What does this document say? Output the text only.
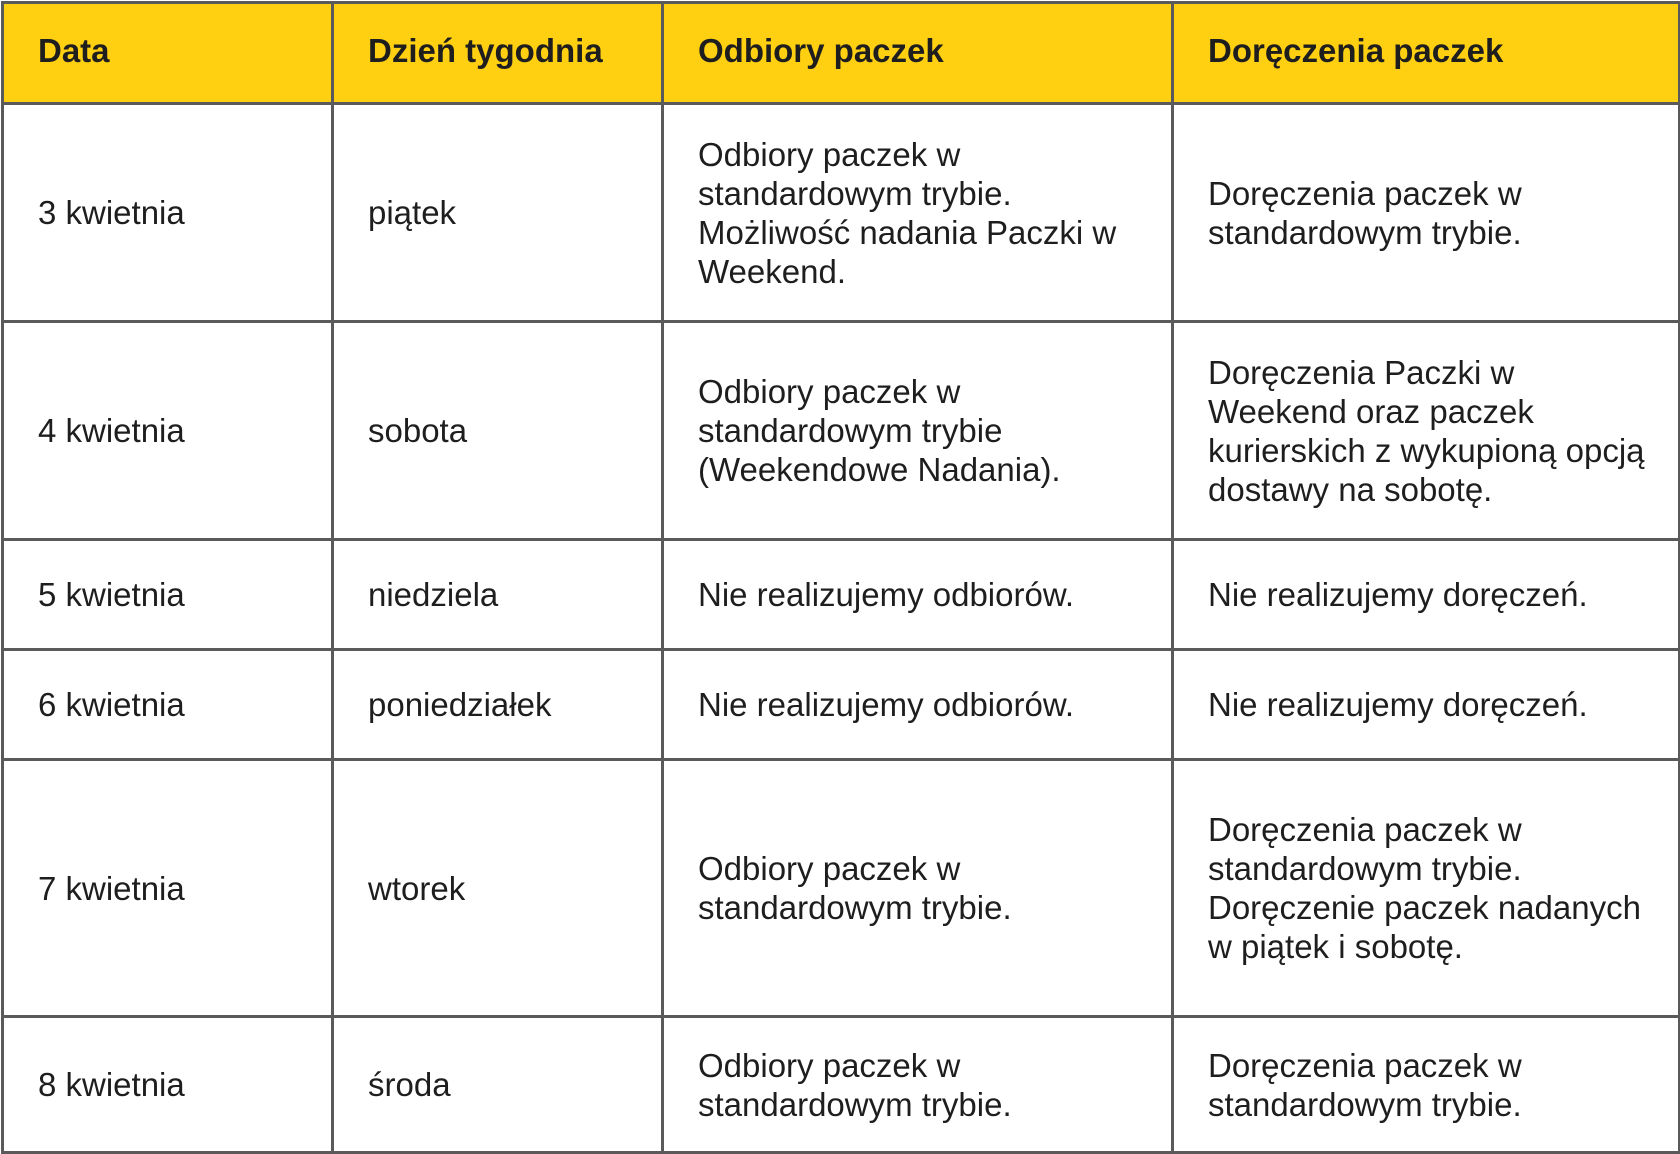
Data	Dzień tygodnia	Odbiory paczek	Doręczenia paczek
3 kwietnia	piątek	Odbiory paczek w standardowym trybie. Możliwość nadania Paczki w Weekend.	Doręczenia paczek w standardowym trybie.
4 kwietnia	sobota	Odbiory paczek w standardowym trybie (Weekendowe Nadania).	Doręczenia Paczki w Weekend oraz paczek kurierskich z wykupioną opcją dostawy na sobotę.
5 kwietnia	niedziela	Nie realizujemy odbiorów.	Nie realizujemy doręczeń.
6 kwietnia	poniedziałek	Nie realizujemy odbiorów.	Nie realizujemy doręczeń.
7 kwietnia	wtorek	Odbiory paczek w standardowym trybie.	Doręczenia paczek w standardowym trybie. Doręczenie paczek nadanych w piątek i sobotę.
8 kwietnia	środa	Odbiory paczek w standardowym trybie.	Doręczenia paczek w standardowym trybie.
